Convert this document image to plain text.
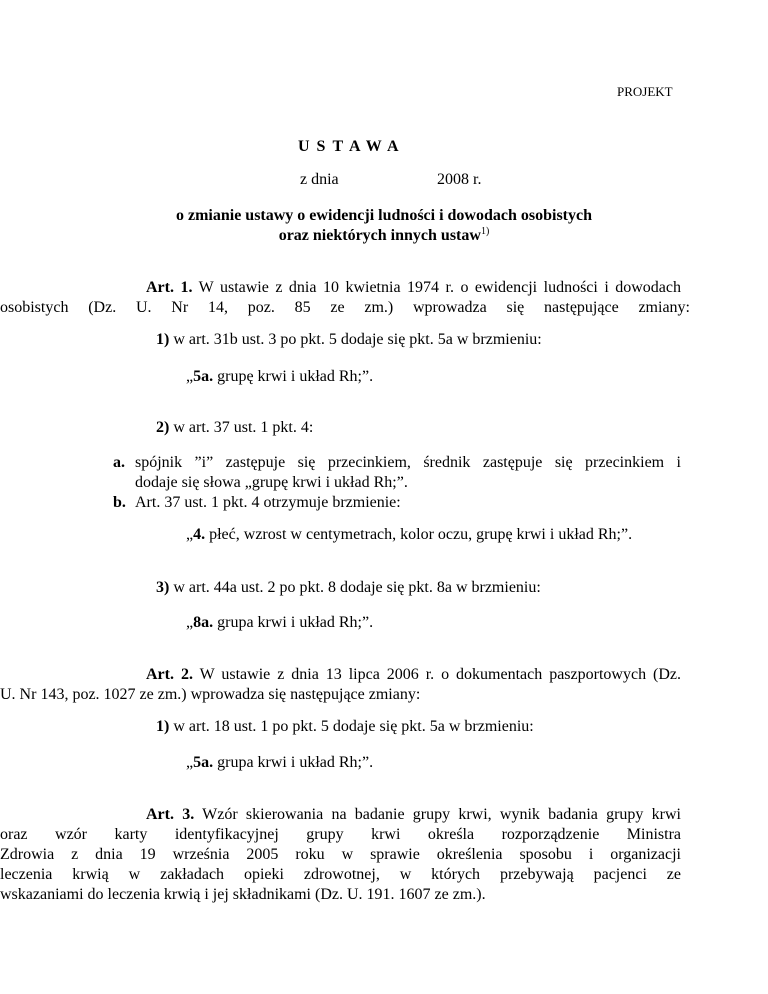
PROJEKT
USTAWA
z dnia	2008 r.
o zmianie ustawy o ewidencji ludności i dowodach osobistych
oraz niektórych innych ustaw$^{1)}$
Art. 1. W ustawie z dnia 10 kwietnia 1974 r. o ewidencji ludności i dowodach
osobistych (Dz. U. Nr 14, poz. 85 ze zm.) wprowadza się następujące zmiany:
1) w art. 31b ust. 3 po pkt. 5 dodaje się pkt. 5a w brzmieniu:
„5a. grupę krwi i układ Rh;”.
2) w art. 37 ust. 1 pkt. 4:
a. spójnik ”i” zastępuje się przecinkiem, średnik zastępuje się przecinkiem i
dodaje się słowa „grupę krwi i układ Rh;”.
b. Art. 37 ust. 1 pkt. 4 otrzymuje brzmienie:
„4. płeć, wzrost w centymetrach, kolor oczu, grupę krwi i układ Rh;”.
3) w art. 44a ust. 2 po pkt. 8 dodaje się pkt. 8a w brzmieniu:
„8a. grupa krwi i układ Rh;”.
Art. 2. W ustawie z dnia 13 lipca 2006 r. o dokumentach paszportowych (Dz.
U. Nr 143, poz. 1027 ze zm.) wprowadza się następujące zmiany:
1) w art. 18 ust. 1 po pkt. 5 dodaje się pkt. 5a w brzmieniu:
„5a. grupa krwi i układ Rh;”.
Art. 3. Wzór skierowania na badanie grupy krwi, wynik badania grupy krwi
oraz wzór karty identyfikacyjnej grupy krwi określa rozporządzenie Ministra
Zdrowia z dnia 19 września 2005 roku w sprawie określenia sposobu i organizacji
leczenia krwią w zakładach opieki zdrowotnej, w których przebywają pacjenci ze
wskazaniami do leczenia krwią i jej składnikami (Dz. U. 191. 1607 ze zm.).
